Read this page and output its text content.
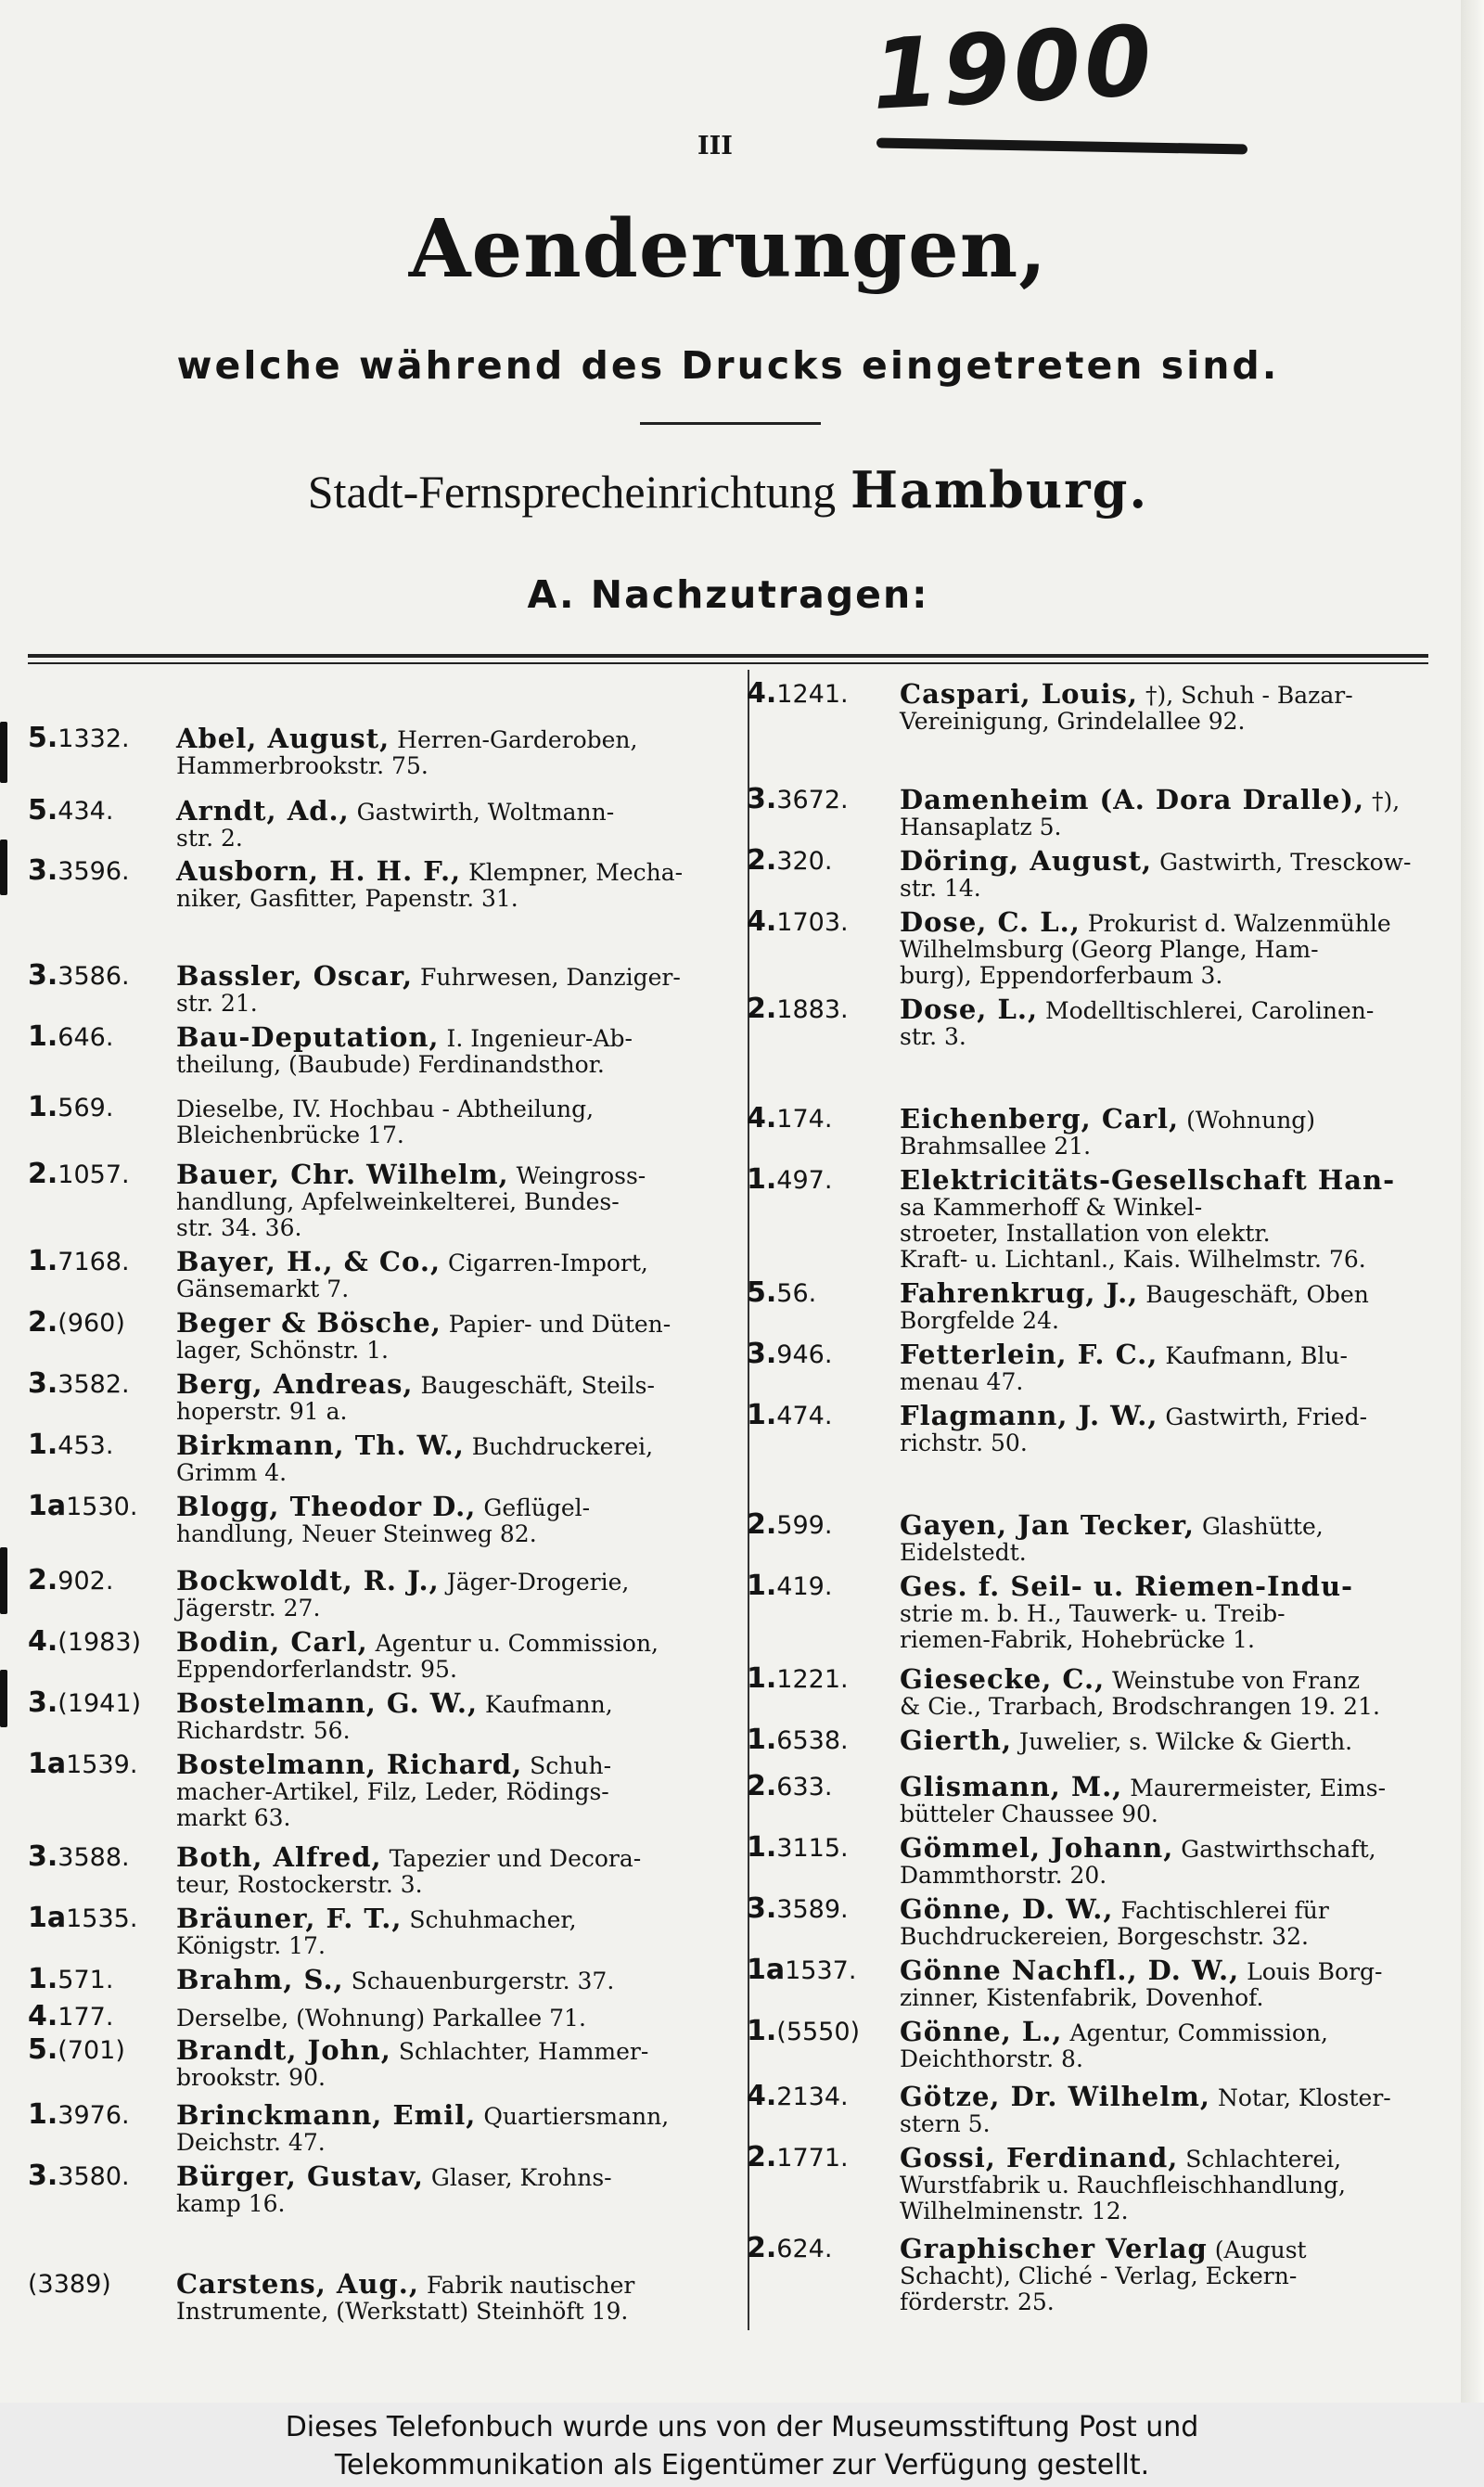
1900
III
Aenderungen,
welche während des Drucks eingetreten sind.
Stadt-Fernsprecheinrichtung Hamburg.
A. Nachzutragen:
5.1332. Abel, August, Herren-Garderoben,
Hammerbrookstr. 75.
5.434. Arndt, Ad., Gastwirth, Woltmann-
str. 2.
3.3596. Ausborn, H. H. F., Klempner, Mecha-
niker, Gasfitter, Papenstr. 31.
3.3586. Bassler, Oscar, Fuhrwesen, Danziger-
str. 21.
1.646. Bau-Deputation, I. Ingenieur-Ab-
theilung, (Baubude) Ferdinandsthor.
1.569.	Dieselbe, IV. Hochbau - Abtheilung,
Bleichenbrücke 17.
2.1057. Bauer, Chr. Wilhelm, Weingross-
handlung, Apfelweinkelterei, Bundes-
str. 34. 36.
1.7168. Bayer, H., & Co., Cigarren-Import,
Gänsemarkt 7.
2.(960) Beger & Bösche, Papier- und Düten-
lager, Schönstr. 1.
3.3582. Berg, Andreas, Baugeschäft, Steils-
hoperstr. 91 a.
1.453. Birkmann, Th. W., Buchdruckerei,
Grimm 4.
1a1530. Blogg, Theodor D., Geflügel-
handlung, Neuer Steinweg 82.
2.902. Bockwoldt, R. J., Jäger-Drogerie,
Jägerstr. 27.
4.(1983) Bodin, Carl, Agentur u. Commission,
Eppendorferlandstr. 95.
3.(1941) Bostelmann, G. W., Kaufmann,
Richardstr. 56.
1a1539. Bostelmann, Richard, Schuh-
macher-Artikel, Filz, Leder, Rödings-
markt 63.
3.3588. Both, Alfred, Tapezier und Decora-
teur, Rostockerstr. 3.
1a1535. Bräuner, F. T., Schuhmacher,
Königstr. 17.
1.571. Brahm, S., Schauenburgerstr. 37.
4.177.	Derselbe, (Wohnung) Parkallee 71.
5.(701) Brandt, John, Schlachter, Hammer-
brookstr. 90.
1.3976. Brinckmann, Emil, Quartiersmann,
Deichstr. 47.
3.3580. Bürger, Gustav, Glaser, Krohns-
kamp 16.
(3389) Carstens, Aug., Fabrik nautischer
Instrumente, (Werkstatt) Steinhöft 19.
4.1241. Caspari, Louis, †), Schuh - Bazar-
Vereinigung, Grindelallee 92.
3.3672. Damenheim (A. Dora Dralle), †),
Hansaplatz 5.
2.320.	Döring, August, Gastwirth, Tresckow-
str. 14.
4.1703. Dose, C. L., Prokurist d. Walzenmühle
Wilhelmsburg (Georg Plange, Ham-
burg), Eppendorferbaum 3.
2.1883. Dose, L., Modelltischlerei, Carolinen-
str. 3.
4.174.	Eichenberg, Carl, (Wohnung)
Brahmsallee 21.
1.497.	Elektricitäts-Gesellschaft Han-
sa Kammerhoff & Winkel-
stroeter, Installation von elektr.
Kraft- u. Lichtanl., Kais. Wilhelmstr. 76.
5.56.	Fahrenkrug, J., Baugeschäft, Oben
Borgfelde 24.
3.946.	Fetterlein, F. C., Kaufmann, Blu-
menau 47.
1.474.	Flagmann, J. W., Gastwirth, Fried-
richstr. 50.
2.599.	Gayen, Jan Tecker, Glashütte,
Eidelstedt.
1.419.	Ges. f. Seil- u. Riemen-Indu-
strie m. b. H., Tauwerk- u. Treib-
riemen-Fabrik, Hohebrücke 1.
1.1221. Giesecke, C., Weinstube von Franz
& Cie., Trarbach, Brodschrangen 19. 21.
1.6538. Gierth, Juwelier, s. Wilcke & Gierth.
2.633.	Glismann, M., Maurermeister, Eims-
bütteler Chaussee 90.
1.3115. Gömmel, Johann, Gastwirthschaft,
Dammthorstr. 20.
3.3589. Gönne, D. W., Fachtischlerei für
Buchdruckereien, Borgeschstr. 32.
1a1537. Gönne Nachfl., D. W., Louis Borg-
zinner, Kistenfabrik, Dovenhof.
1.(5550) Gönne, L., Agentur, Commission,
Deichthorstr. 8.
4.2134. Götze, Dr. Wilhelm, Notar, Kloster-
stern 5.
2.1771. Gossi, Ferdinand, Schlachterei,
Wurstfabrik u. Rauchfleischhandlung,
Wilhelminenstr. 12.
2.624.	Graphischer Verlag (August
Schacht), Cliché - Verlag, Eckern-
förderstr. 25.
Dieses Telefonbuch wurde uns von der Museumsstiftung Post und
Telekommunikation als Eigentümer zur Verfügung gestellt.
